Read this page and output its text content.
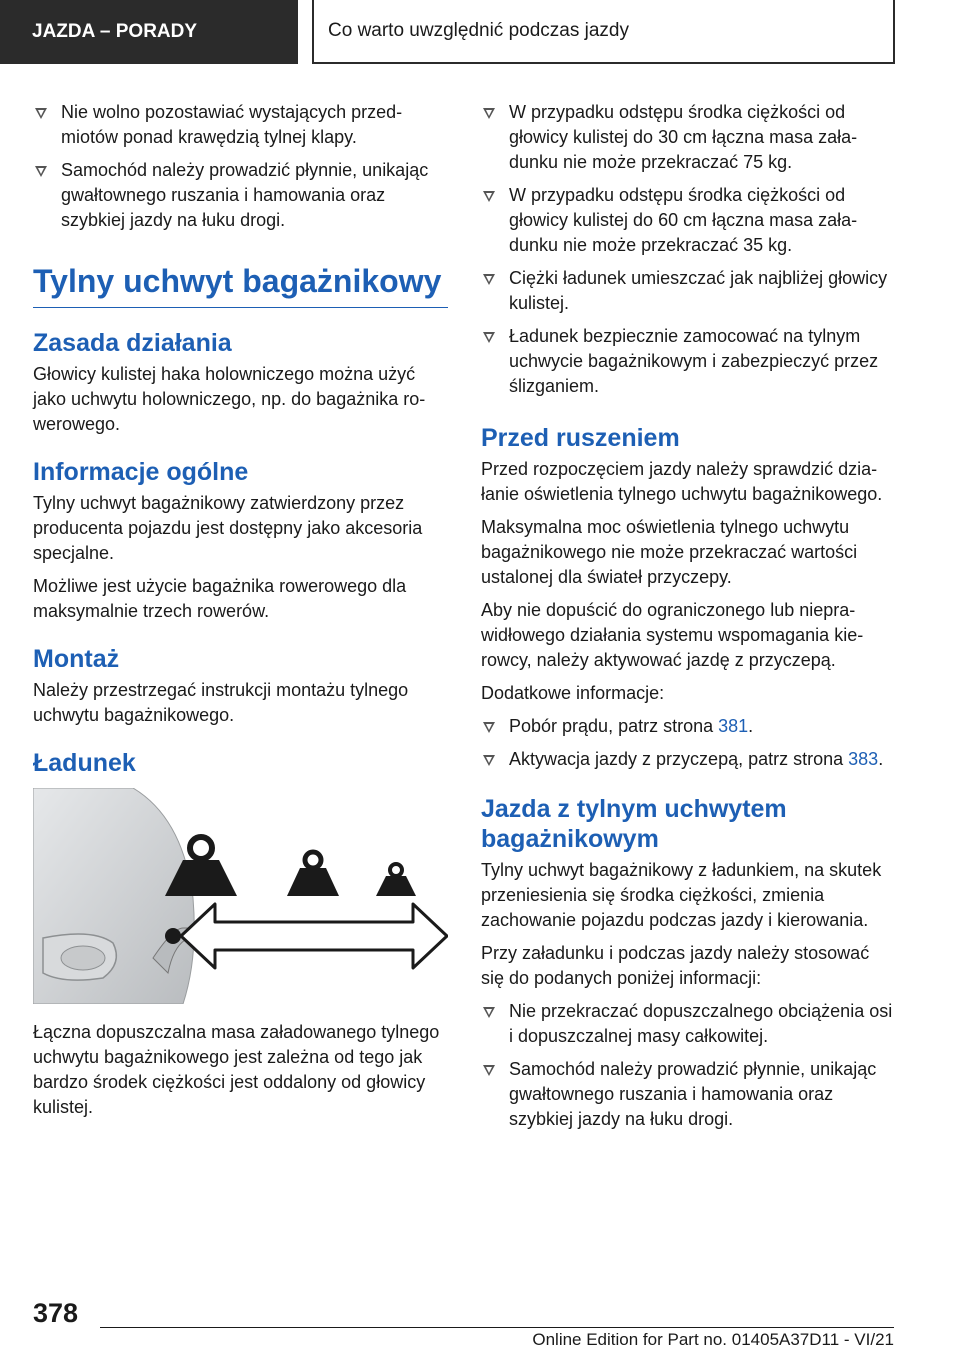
JAZDA – PORADY	Co warto uwzględnić podczas jazdy
Nie wolno pozostawiać wystających przedmiotów ponad krawędzią tylnej klapy.
Samochód należy prowadzić płynnie, unikając gwałtownego ruszania i hamowania oraz szybkiej jazdy na łuku drogi.
Tylny uchwyt bagażnikowy
Zasada działania

Głowicy kulistej haka holowniczego można użyć jako uchwytu holowniczego, np. do bagażnika rowerowego.

Informacje ogólne

Tylny uchwyt bagażnikowy zatwierdzony przez producenta pojazdu jest dostępny jako akcesoria specjalne.

Możliwe jest użycie bagażnika rowerowego dla maksymalnie trzech rowerów.

Montaż

Należy przestrzegać instrukcji montażu tylnego uchwytu bagażnikowego.

Ładunek

Łączna dopuszczalna masa załadowanego tylnego uchwytu bagażnikowego jest zależna od tego jak bardzo środek ciężkości jest oddalony od głowicy kulistej.

W przypadku odstępu środka ciężkości od głowicy kulistej do 30 cm łączna masa załadunku nie może przekraczać 75 kg.
W przypadku odstępu środka ciężkości od głowicy kulistej do 60 cm łączna masa załadunku nie może przekraczać 35 kg.
Ciężki ładunek umieszczać jak najbliżej głowicy kulistej.
Ładunek bezpiecznie zamocować na tylnym uchwycie bagażnikowym i zabezpieczyć przez ślizganiem.
Przed ruszeniem

Przed rozpoczęciem jazdy należy sprawdzić działanie oświetlenia tylnego uchwytu bagażnikowego.

Maksymalna moc oświetlenia tylnego uchwytu bagażnikowego nie może przekraczać wartości ustalonej dla świateł przyczepy.

Aby nie dopuścić do ograniczonego lub nieprawidłowego działania systemu wspomagania kierowcy, należy aktywować jazdę z przyczepą.

Dodatkowe informacje:

Pobór prądu, patrz strona 381.
Aktywacja jazdy z przyczepą, patrz strona 383.
Jazda z tylnym uchwytem bagażnikowym

Tylny uchwyt bagażnikowy z ładunkiem, na skutek przeniesienia się środka ciężkości, zmienia zachowanie pojazdu podczas jazdy i kierowania.

Przy załadunku i podczas jazdy należy stosować się do podanych poniżej informacji:

Nie przekraczać dopuszczalnego obciążenia osi i dopuszczalnej masy całkowitej.
Samochód należy prowadzić płynnie, unikając gwałtownego ruszania i hamowania oraz szybkiej jazdy na łuku drogi.
378
Online Edition for Part no. 01405A37D11 - VI/21
